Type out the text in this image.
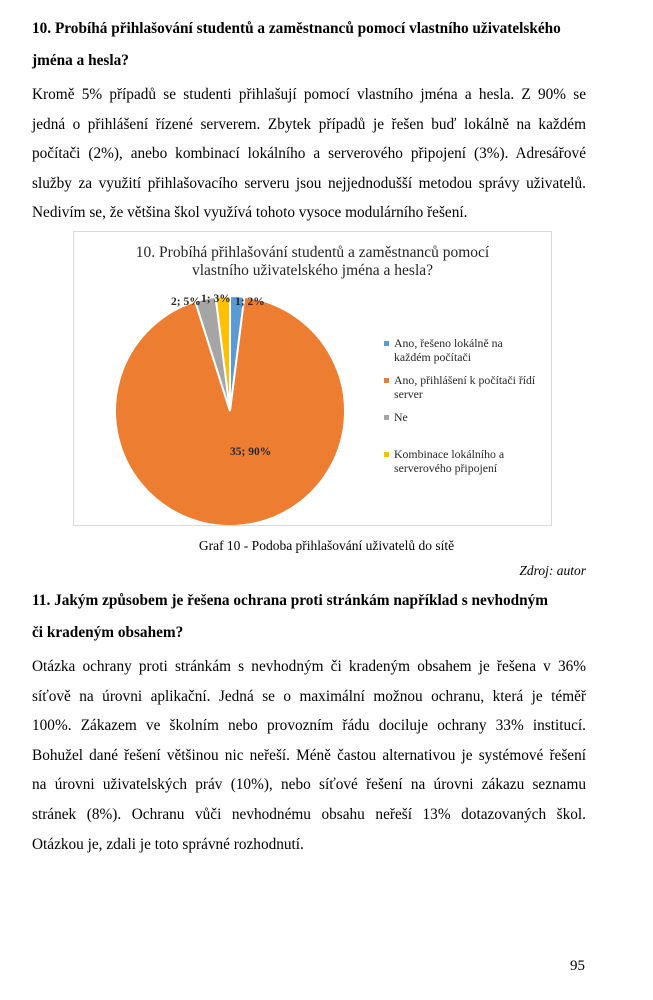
10. Probíhá přihlašování studentů a zaměstnanců pomocí vlastního uživatelského
jména a hesla?
Kromě 5% případů se studenti přihlašují pomocí vlastního jména a hesla. Z 90% se
jedná o přihlášení řízené serverem. Zbytek případů je řešen buď lokálně na každém
počítači (2%), anebo kombinací lokálního a serverového připojení (3%). Adresářové
služby za využití přihlašovacího serveru jsou nejjednodušší metodou správy uživatelů.
Nedivím se, že většina škol využívá tohoto vysoce modulárního řešení.
10. Probíhá přihlašování studentů a zaměstnanců pomocí
vlastního uživatelského jména a hesla?
2; 5% 1; 3% 1; 2%
35; 90%
Ano, řešeno lokálně na
každém počítači
Ano, přihlášení k počítači řídí
server
Ne
Kombinace lokálního a
serverového připojení
Graf 10 - Podoba přihlašování uživatelů do sítě
Zdroj: autor
11. Jakým způsobem je řešena ochrana proti stránkám například s nevhodným
či kradeným obsahem?
Otázka ochrany proti stránkám s nevhodným či kradeným obsahem je řešena v 36%
síťově na úrovni aplikační. Jedná se o maximální možnou ochranu, která je téměř
100%. Zákazem ve školním nebo provozním řádu dociluje ochrany 33% institucí.
Bohužel dané řešení většinou nic neřeší. Méně častou alternativou je systémové řešení
na úrovni uživatelských práv (10%), nebo síťové řešení na úrovni zákazu seznamu
stránek (8%). Ochranu vůči nevhodnému obsahu neřeší 13% dotazovaných škol.
Otázkou je, zdali je toto správné rozhodnutí.
95
